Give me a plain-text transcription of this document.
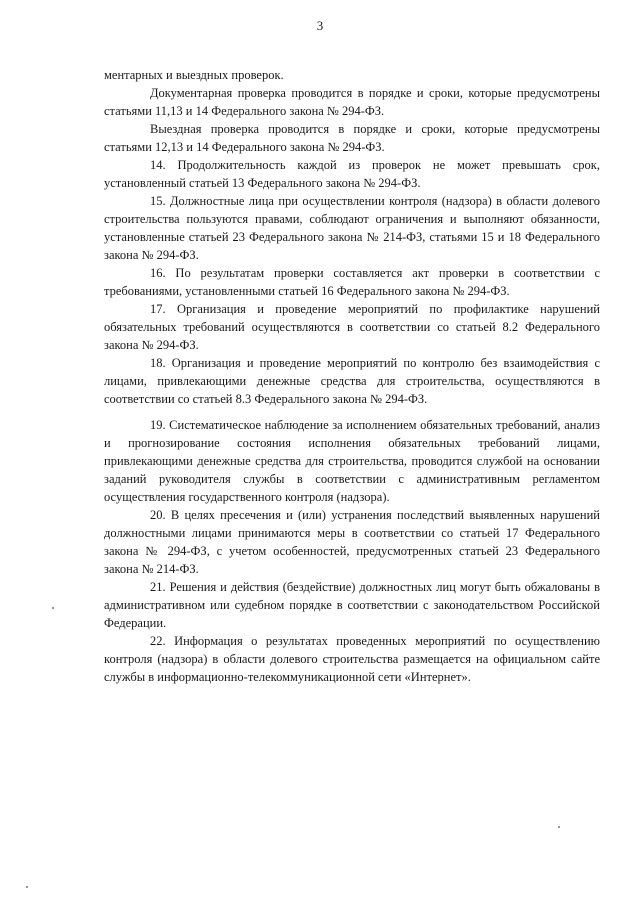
3

ментарных и выездных проверок.

Документарная проверка проводится в порядке и сроки, которые предусмотрены статьями 11,13 и 14 Федерального закона № 294-ФЗ.

Выездная проверка проводится в порядке и сроки, которые предусмотрены статьями 12,13 и 14 Федерального закона № 294-ФЗ.

14. Продолжительность каждой из проверок не может превышать срок, установленный статьей 13 Федерального закона № 294-ФЗ.

15. Должностные лица при осуществлении контроля (надзора) в области долевого строительства пользуются правами, соблюдают ограничения и выполняют обязанности, установленные статьей 23 Федерального закона № 214-ФЗ, статьями 15 и 18 Федерального закона № 294-ФЗ.

16. По результатам проверки составляется акт проверки в соответствии с требованиями, установленными статьей 16 Федерального закона № 294-ФЗ.

17. Организация и проведение мероприятий по профилактике нарушений обязательных требований осуществляются в соответствии со статьей 8.2 Федерального закона № 294-ФЗ.

18. Организация и проведение мероприятий по контролю без взаимодействия с лицами, привлекающими денежные средства для строительства, осуществляются в соответствии со статьей 8.3 Федерального закона № 294-ФЗ.

19. Систематическое наблюдение за исполнением обязательных требований, анализ и прогнозирование состояния исполнения обязательных требований лицами, привлекающими денежные средства для строительства, проводится службой на основании заданий руководителя службы в соответствии с административным регламентом осуществления государственного контроля (надзора).

20. В целях пресечения и (или) устранения последствий выявленных нарушений должностными лицами принимаются меры в соответствии со статьей 17 Федерального закона № 294-ФЗ, с учетом особенностей, предусмотренных статьей 23 Федерального закона № 214-ФЗ.

21. Решения и действия (бездействие) должностных лиц могут быть обжалованы в административном или судебном порядке в соответствии с законодательством Российской Федерации.

22. Информация о результатах проведенных мероприятий по осуществлению контроля (надзора) в области долевого строительства размещается на официальном сайте службы в информационно-телекоммуникационной сети «Интернет».
